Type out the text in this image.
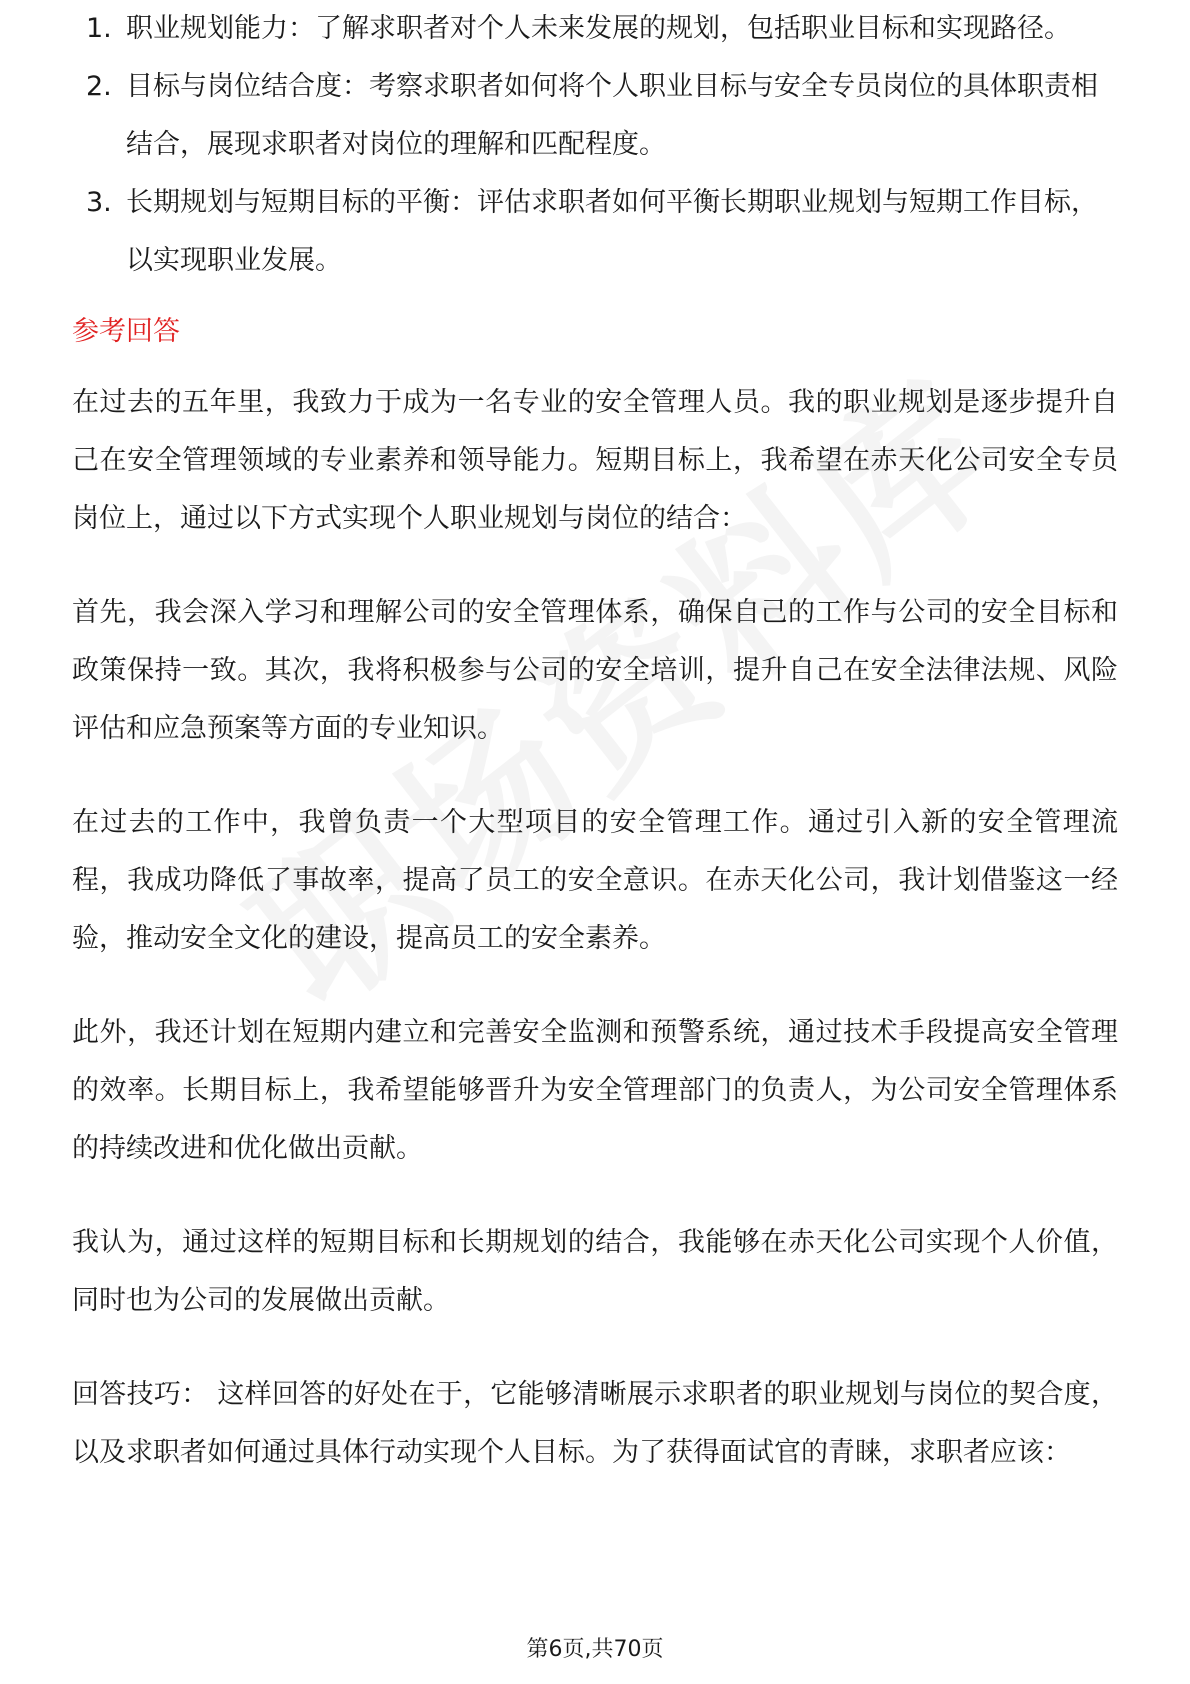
1. 职业规划能力：了解求职者对个人未来发展的规划，包括职业目标和实现路径。
2. 目标与岗位结合度：考察求职者如何将个人职业目标与安全专员岗位的具体职责相结合，展现求职者对岗位的理解和匹配程度。
3. 长期规划与短期目标的平衡：评估求职者如何平衡长期职业规划与短期工作目标，以实现职业发展。
参考回答

在过去的五年里，我致力于成为一名专业的安全管理人员。我的职业规划是逐步提升自己在安全管理领域的专业素养和领导能力。短期目标上，我希望在赤天化公司安全专员岗位上，通过以下方式实现个人职业规划与岗位的结合：

首先，我会深入学习和理解公司的安全管理体系，确保自己的工作与公司的安全目标和政策保持一致。其次，我将积极参与公司的安全培训，提升自己在安全法律法规、风险评估和应急预案等方面的专业知识。

在过去的工作中，我曾负责一个大型项目的安全管理工作。通过引入新的安全管理流程，我成功降低了事故率，提高了员工的安全意识。在赤天化公司，我计划借鉴这一经验，推动安全文化的建设，提高员工的安全素养。

此外，我还计划在短期内建立和完善安全监测和预警系统，通过技术手段提高安全管理的效率。长期目标上，我希望能够晋升为安全管理部门的负责人，为公司安全管理体系的持续改进和优化做出贡献。

我认为，通过这样的短期目标和长期规划的结合，我能够在赤天化公司实现个人价值，同时也为公司的发展做出贡献。

回答技巧： 这样回答的好处在于，它能够清晰展示求职者的职业规划与岗位的契合度，以及求职者如何通过具体行动实现个人目标。为了获得面试官的青睐，求职者应该：

第6页,共70页
